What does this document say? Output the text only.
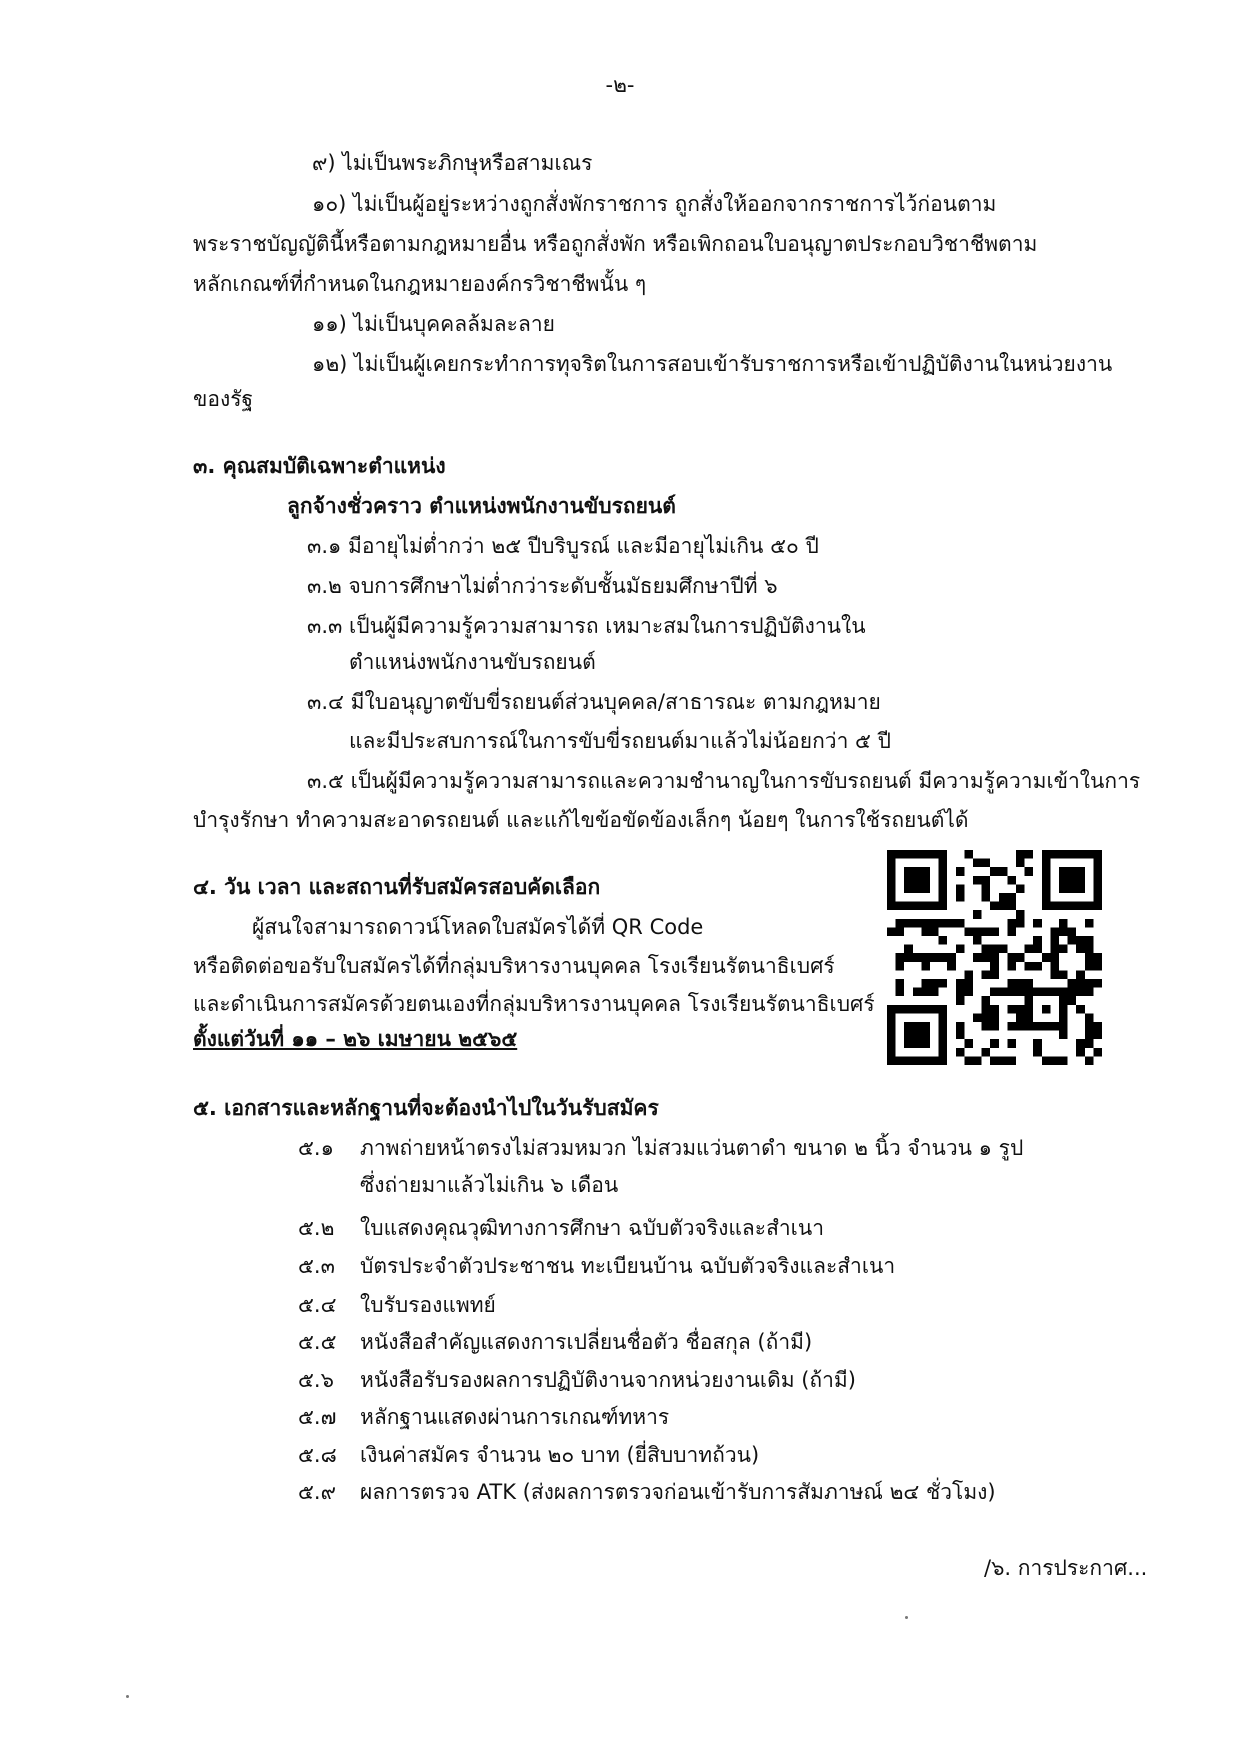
-๒-
๙) ไม่เป็นพระภิกษุหรือสามเณร
๑๐) ไม่เป็นผู้อยู่ระหว่างถูกสั่งพักราชการ ถูกสั่งให้ออกจากราชการไว้ก่อนตาม
พระราชบัญญัตินี้หรือตามกฎหมายอื่น หรือถูกสั่งพัก หรือเพิกถอนใบอนุญาตประกอบวิชาชีพตาม
หลักเกณฑ์ที่กำหนดในกฎหมายองค์กรวิชาชีพนั้น ๆ
๑๑) ไม่เป็นบุคคลล้มละลาย
๑๒) ไม่เป็นผู้เคยกระทำการทุจริตในการสอบเข้ารับราชการหรือเข้าปฏิบัติงานในหน่วยงาน
ของรัฐ
๓. คุณสมบัติเฉพาะตำแหน่ง
ลูกจ้างชั่วคราว ตำแหน่งพนักงานขับรถยนต์
๓.๑ มีอายุไม่ต่ำกว่า ๒๕ ปีบริบูรณ์ และมีอายุไม่เกิน ๕๐ ปี
๓.๒ จบการศึกษาไม่ต่ำกว่าระดับชั้นมัธยมศึกษาปีที่ ๖
๓.๓ เป็นผู้มีความรู้ความสามารถ เหมาะสมในการปฏิบัติงานใน
ตำแหน่งพนักงานขับรถยนต์
๓.๔ มีใบอนุญาตขับขี่รถยนต์ส่วนบุคคล/สาธารณะ ตามกฎหมาย
และมีประสบการณ์ในการขับขี่รถยนต์มาแล้วไม่น้อยกว่า ๕ ปี
๓.๕ เป็นผู้มีความรู้ความสามารถและความชำนาญในการขับรถยนต์ มีความรู้ความเข้าในการ
บำรุงรักษา ทำความสะอาดรถยนต์ และแก้ไขข้อขัดข้องเล็กๆ น้อยๆ ในการใช้รถยนต์ได้
๔. วัน เวลา และสถานที่รับสมัครสอบคัดเลือก
ผู้สนใจสามารถดาวน์โหลดใบสมัครได้ที่ QR Code
หรือติดต่อขอรับใบสมัครได้ที่กลุ่มบริหารงานบุคคล โรงเรียนรัตนาธิเบศร์
และดำเนินการสมัครด้วยตนเองที่กลุ่มบริหารงานบุคคล โรงเรียนรัตนาธิเบศร์
ตั้งแต่วันที่ ๑๑ – ๒๖ เมษายน ๒๕๖๕
๕. เอกสารและหลักฐานที่จะต้องนำไปในวันรับสมัคร
๕.๑ ภาพถ่ายหน้าตรงไม่สวมหมวก ไม่สวมแว่นตาดำ ขนาด ๒ นิ้ว จำนวน ๑ รูป
ซึ่งถ่ายมาแล้วไม่เกิน ๖ เดือน
๕.๒ ใบแสดงคุณวุฒิทางการศึกษา ฉบับตัวจริงและสำเนา
๕.๓ บัตรประจำตัวประชาชน ทะเบียนบ้าน ฉบับตัวจริงและสำเนา
๕.๔ ใบรับรองแพทย์
๕.๕ หนังสือสำคัญแสดงการเปลี่ยนชื่อตัว ชื่อสกุล (ถ้ามี)
๕.๖ หนังสือรับรองผลการปฏิบัติงานจากหน่วยงานเดิม (ถ้ามี)
๕.๗ หลักฐานแสดงผ่านการเกณฑ์ทหาร
๕.๘ เงินค่าสมัคร จำนวน ๒๐ บาท (ยี่สิบบาทถ้วน)
๕.๙ ผลการตรวจ ATK (ส่งผลการตรวจก่อนเข้ารับการสัมภาษณ์ ๒๔ ชั่วโมง)
/๖. การประกาศ...
